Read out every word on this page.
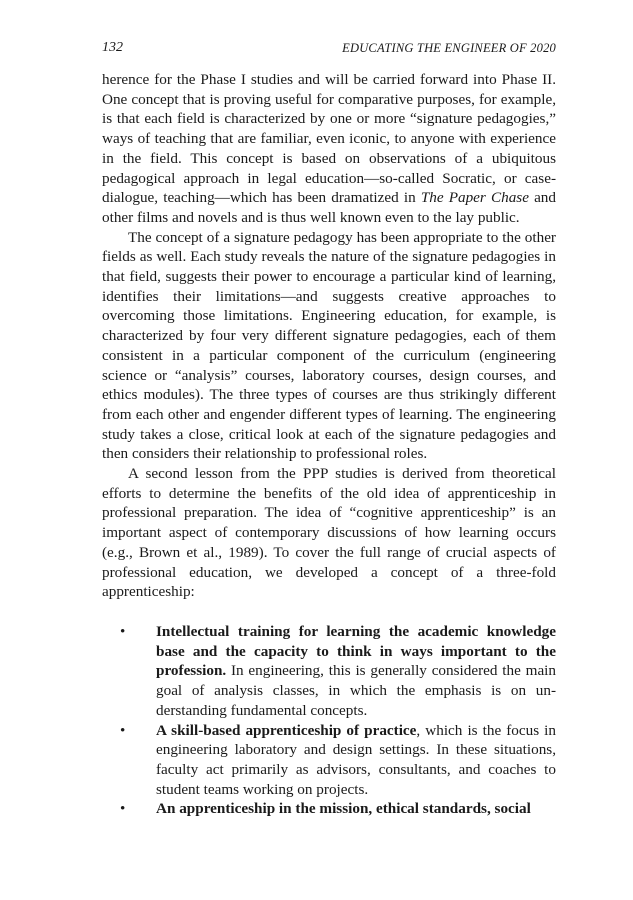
132	EDUCATING THE ENGINEER OF 2020

herence for the Phase I studies and will be carried forward into Phase II. One concept that is proving useful for comparative purposes, for example, is that each field is characterized by one or more “signature pedagogies,” ways of teaching that are familiar, even iconic, to anyone with experience in the field. This concept is based on observations of a ubiquitous pedagogical approach in legal education—so-called Socratic, or case-dialogue, teaching—which has been dramatized in The Paper Chase and other films and novels and is thus well known even to the lay public.

The concept of a signature pedagogy has been appropriate to the other fields as well. Each study reveals the nature of the signature pedagogies in that field, suggests their power to encourage a particular kind of learning, identifies their limitations—and suggests creative approaches to overcoming those limitations. Engineering education, for example, is characterized by four very different signature pedagogies, each of them consistent in a particular component of the curriculum (engineering science or “analysis” courses, laboratory courses, design courses, and ethics modules). The three types of courses are thus strikingly different from each other and engender different types of learning. The engineering study takes a close, critical look at each of the signature pedagogies and then considers their relationship to professional roles.

A second lesson from the PPP studies is derived from theoretical efforts to determine the benefits of the old idea of apprenticeship in professional preparation. The idea of “cognitive apprenticeship” is an important aspect of contemporary discussions of how learning occurs (e.g., Brown et al., 1989). To cover the full range of crucial aspects of professional education, we developed a concept of a three-fold apprenticeship:

• Intellectual training for learning the academic knowledge base and the capacity to think in ways important to the profession. In engineering, this is generally considered the main goal of analysis classes, in which the emphasis is on understanding fundamental concepts.
• A skill-based apprenticeship of practice, which is the focus in engineering laboratory and design settings. In these situations, faculty act primarily as advisors, consultants, and coaches to student teams working on projects.
• An apprenticeship in the mission, ethical standards, social
